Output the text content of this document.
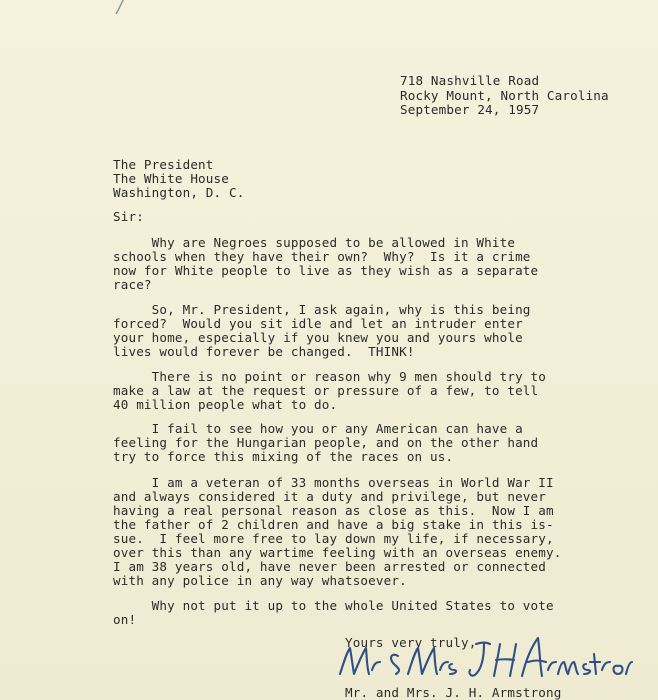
718 Nashville Road
Rocky Mount, North Carolina
September 24, 1957
The President
The White House
Washington, D. C.
Sir:
Why are Negroes supposed to be allowed in White
schools when they have their own?  Why?  Is it a crime
now for White people to live as they wish as a separate
race?
So, Mr. President, I ask again, why is this being
forced?  Would you sit idle and let an intruder enter
your home, especially if you knew you and yours whole
lives would forever be changed.  THINK!
There is no point or reason why 9 men should try to
make a law at the request or pressure of a few, to tell
40 million people what to do.
I fail to see how you or any American can have a
feeling for the Hungarian people, and on the other hand
try to force this mixing of the races on us.
I am a veteran of 33 months overseas in World War II
and always considered it a duty and privilege, but never
having a real personal reason as close as this.  Now I am
the father of 2 children and have a big stake in this is-
sue.  I feel more free to lay down my life, if necessary,
over this than any wartime feeling with an overseas enemy.
I am 38 years old, have never been arrested or connected
with any police in any way whatsoever.
Why not put it up to the whole United States to vote
on!
Yours very truly,
Mr. and Mrs. J. H. Armstrong
